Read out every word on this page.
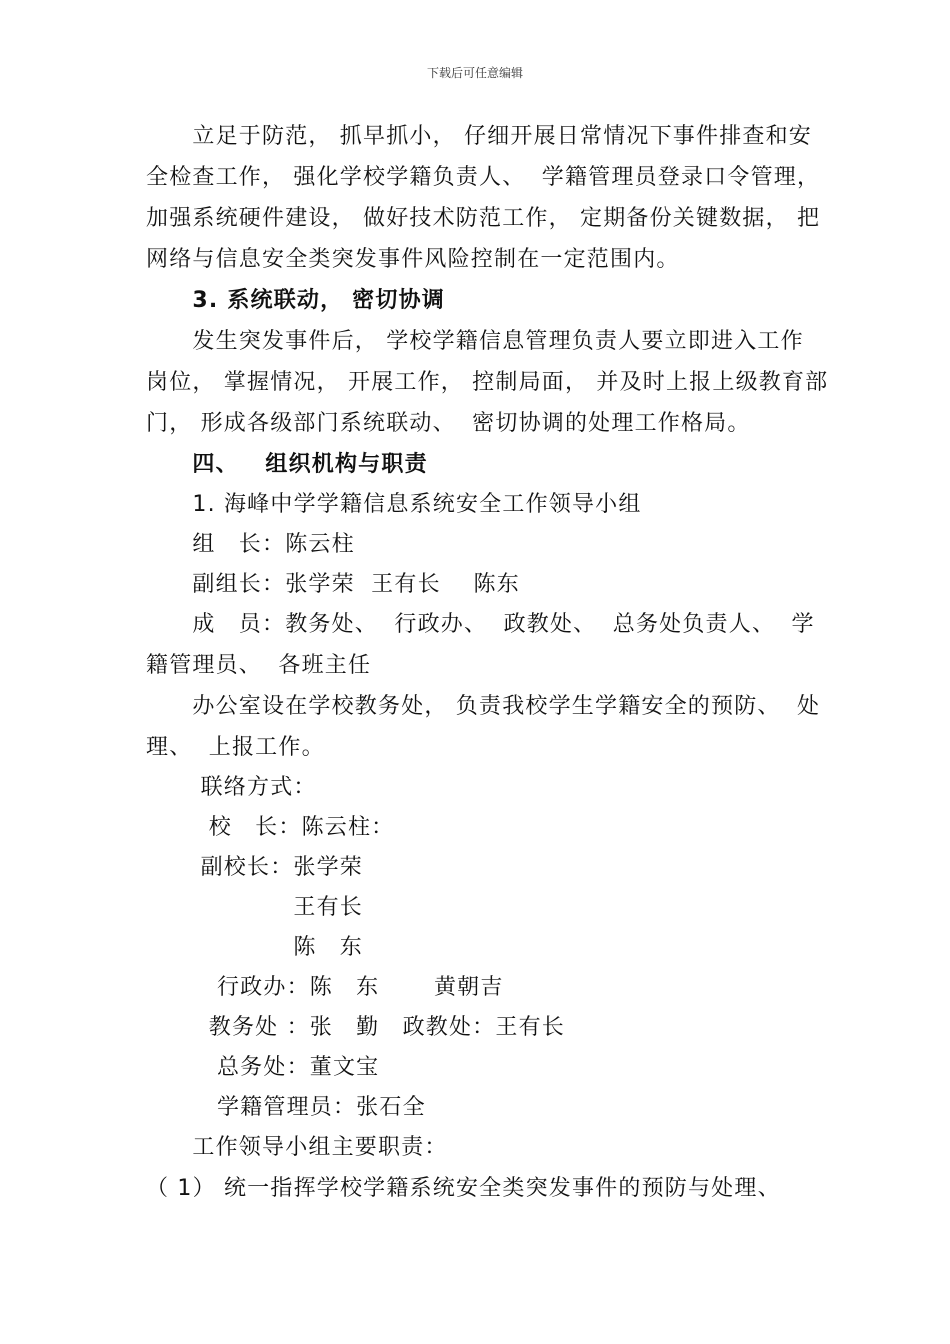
下载后可任意编辑
　　立足于防范， 抓早抓小， 仔细开展日常情况下事件排查和安
全检查工作， 强化学校学籍负责人、  学籍管理员登录口令管理，
加强系统硬件建设， 做好技术防范工作， 定期备份关键数据， 把
网络与信息安全类突发事件风险控制在一定范围内。
　　3. 系统联动， 密切协调
　　发生突发事件后， 学校学籍信息管理负责人要立即进入工作
岗位， 掌握情况， 开展工作， 控制局面， 并及时上报上级教育部
门， 形成各级部门系统联动、  密切协调的处理工作格局。
　　四、   组织机构与职责
　　1. 海峰中学学籍信息系统安全工作领导小组
　　组　长：陈云柱
　　副组长：张学荣  王有长    陈东
　　成　员：教务处、  行政办、  政教处、  总务处负责人、  学
籍管理员、  各班主任
　　办公室设在学校教务处， 负责我校学生学籍安全的预防、  处
理、  上报工作。
　　 联络方式：
　　  校　长：陈云柱：
　　 副校长：张学荣
　　　　　　 王有长
　　　　　　 陈　东
　　   行政办：陈　东　　 黄朝吉
　　  教务处 ：张　勤　政教处：王有长
　　   总务处：董文宝
　　   学籍管理员：张石全
　　工作领导小组主要职责：
（ 1） 统一指挥学校学籍系统安全类突发事件的预防与处理、
